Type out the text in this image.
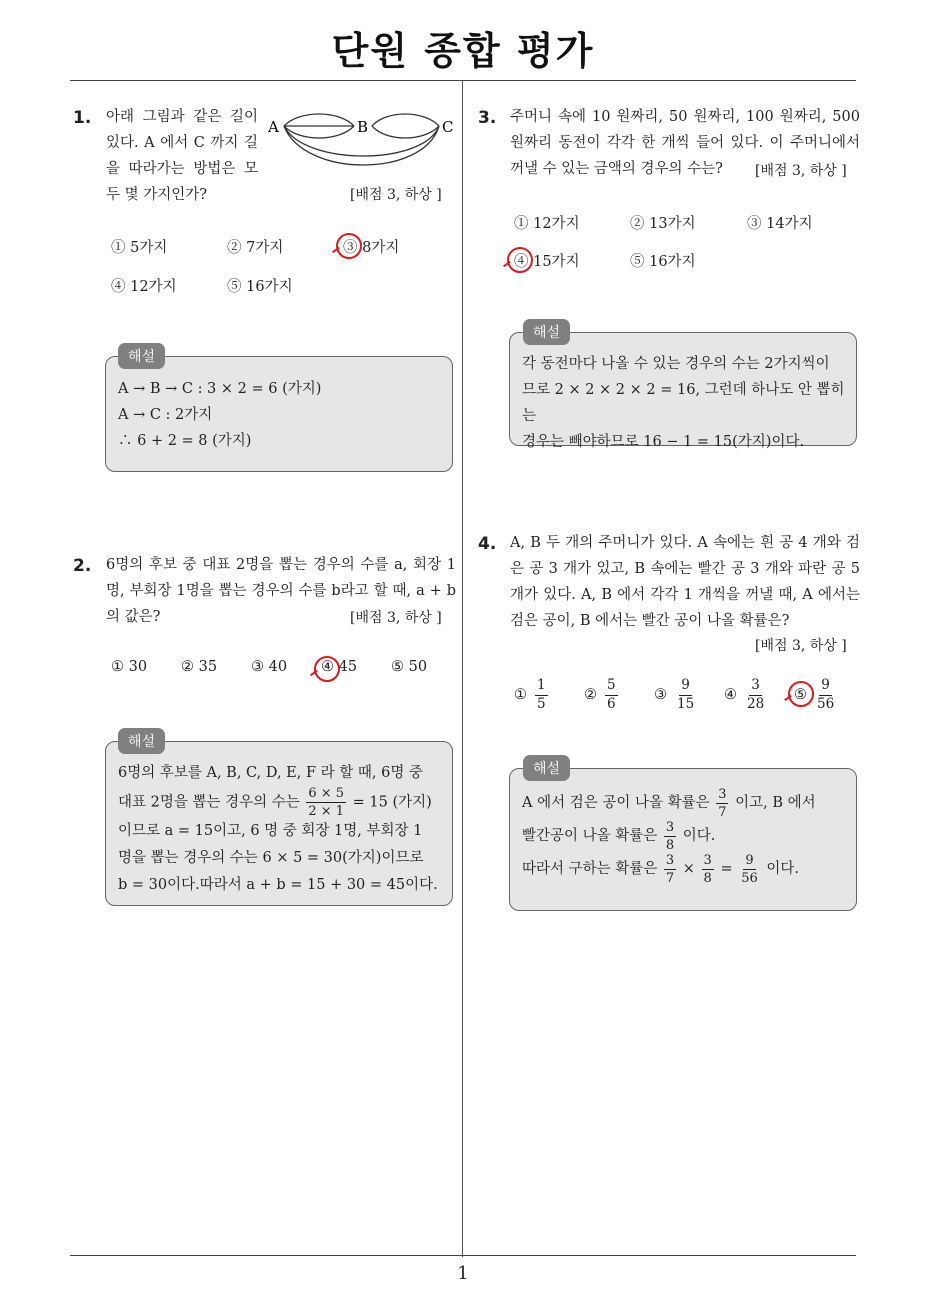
단원 종합 평가
1. 아래 그림과 같은 길이 있다. A 에서 C 까지 길을 따라가는 방법은 모두 몇 가지인가?
A	B	C
[배점 3, 하상 ]
① 5가지	② 7가지	③ 8가지
④ 12가지	⑤ 16가지
해설
A → B → C : 3 × 2 = 6 (가지)
A → C : 2가지
∴ 6 + 2 = 8 (가지)
2. 6명의 후보 중 대표 2명을 뽑는 경우의 수를 a, 회장 1명, 부회장 1명을 뽑는 경우의 수를 b라고 할 때, a + b의 값은?	[배점 3, 하상 ]
① 30 ② 35 ③ 40 ④ 45 ⑤ 50
해설
6명의 후보를 A, B, C, D, E, F 라 할 때, 6명 중
대표 2명을 뽑는 경우의 수는 $\frac{6 \times 5}{2 \times 1} = 15$ (가지)
이므로 a = 15이고, 6 명 중 회장 1명, 부회장 1
명을 뽑는 경우의 수는 6 × 5 = 30(가지)이므로
b = 30이다.따라서 a + b = 15 + 30 = 45이다.
3. 주머니 속에 10 원짜리, 50 원짜리, 100 원짜리, 500 원짜리 동전이 각각 한 개씩 들어 있다. 이 주머니에서 꺼낼 수 있는 금액의 경우의 수는?	[배점 3, 하상 ]
① 12가지	② 13가지	③ 14가지
④ 15가지	⑤ 16가지
해설
각 동전마다 나올 수 있는 경우의 수는 2가지씩이
므로 2 × 2 × 2 × 2 = 16, 그런데 하나도 안 뽑히는
경우는 빼야하므로 16 − 1 = 15(가지)이다.
4. A, B 두 개의 주머니가 있다. A 속에는 흰 공 4 개와 검은 공 3 개가 있고, B 속에는 빨간 공 3 개와 파란 공 5 개가 있다. A, B 에서 각각 1 개씩을 꺼낼 때, A 에서는 검은 공이, B 에서는 빨간 공이 나올 확률은?
[배점 3, 하상 ]
① $\frac{1}{5}$	② $\frac{5}{6}$	③ $\frac{9}{15}$ ④ $\frac{3}{28}$ ⑤ $\frac{9}{56}$
해설
A 에서 검은 공이 나올 확률은 $\frac{3}{7}$ 이고, B 에서
빨간공이 나올 확률은 $\frac{3}{8}$ 이다.
따라서 구하는 확률은 $\frac{3}{7} \times \frac{3}{8} = \frac{9}{56}$ 이다.
1
